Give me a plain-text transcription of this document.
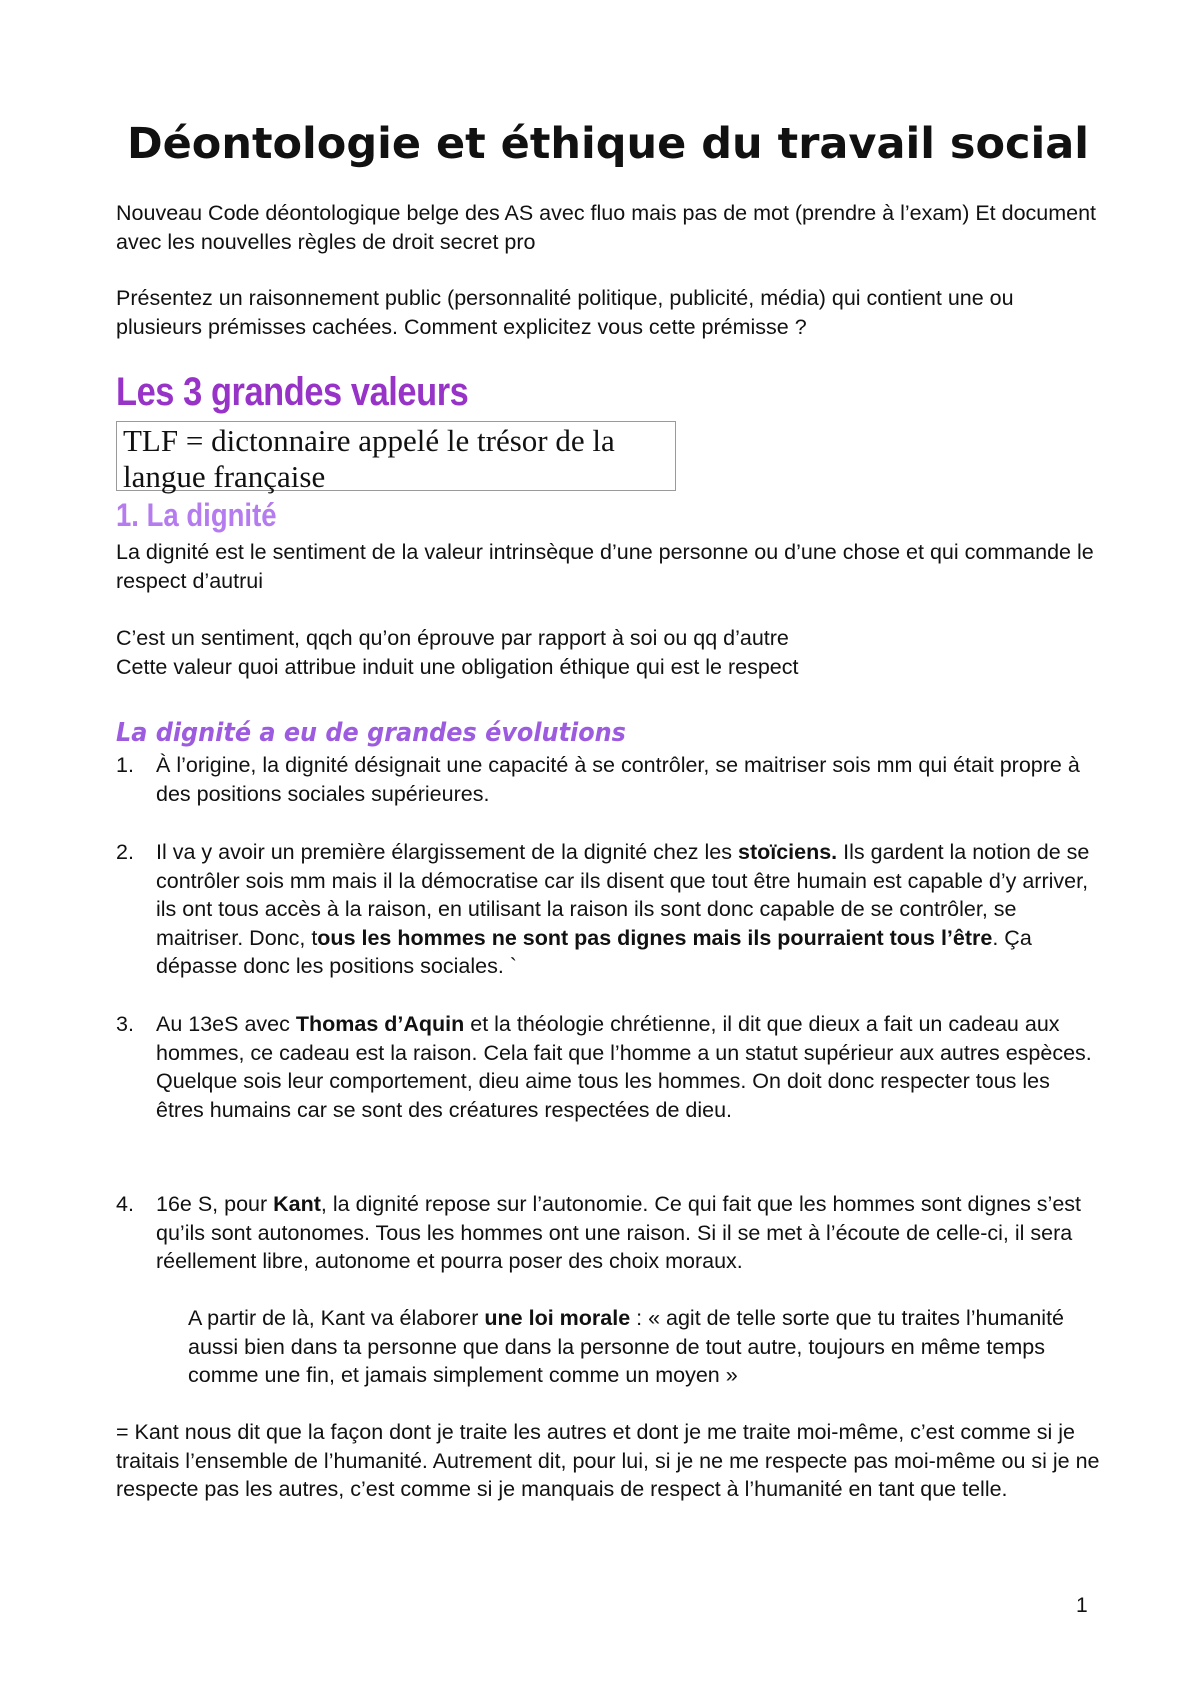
Déontologie et éthique du travail social

Nouveau Code déontologique belge des AS avec fluo mais pas de mot (prendre à l’exam) Et document avec les nouvelles règles de droit secret pro

Présentez un raisonnement public (personnalité politique, publicité, média) qui contient une ou plusieurs prémisses cachées. Comment explicitez vous cette prémisse ?

Les 3 grandes valeurs
TLF = dictonnaire appelé le trésor de la langue française
1. La dignité

La dignité est le sentiment de la valeur intrinsèque d’une personne ou d’une chose et qui commande le respect d’autrui

C’est un sentiment, qqch qu’on éprouve par rapport à soi ou qq d’autre
Cette valeur quoi attribue induit une obligation éthique qui est le respect

La dignité a eu de grandes évolutions
1. À l’origine, la dignité désignait une capacité à se contrôler, se maitriser sois mm qui était propre à des positions sociales supérieures.
2. Il va y avoir un première élargissement de la dignité chez les stoïciens. Ils gardent la notion de se contrôler sois mm mais il la démocratise car ils disent que tout être humain est capable d’y arriver, ils ont tous accès à la raison, en utilisant la raison ils sont donc capable de se contrôler, se maitriser. Donc, tous les hommes ne sont pas dignes mais ils pourraient tous l’être. Ça dépasse donc les positions sociales. `
3. Au 13eS avec Thomas d’Aquin et la théologie chrétienne, il dit que dieux a fait un cadeau aux hommes, ce cadeau est la raison. Cela fait que l’homme a un statut supérieur aux autres espèces. Quelque sois leur comportement, dieu aime tous les hommes. On doit donc respecter tous les êtres humains car se sont des créatures respectées de dieu.
4. 16e S, pour Kant, la dignité repose sur l’autonomie. Ce qui fait que les hommes sont dignes s’est qu’ils sont autonomes. Tous les hommes ont une raison. Si il se met à l’écoute de celle-ci, il sera réellement libre, autonome et pourra poser des choix moraux.

A partir de là, Kant va élaborer une loi morale : « agit de telle sorte que tu traites l’humanité aussi bien dans ta personne que dans la personne de tout autre, toujours en même temps comme une fin, et jamais simplement comme un moyen »

= Kant nous dit que la façon dont je traite les autres et dont je me traite moi-même, c’est comme si je traitais l’ensemble de l’humanité. Autrement dit, pour lui, si je ne me respecte pas moi-même ou si je ne respecte pas les autres, c’est comme si je manquais de respect à l’humanité en tant que telle.

1
